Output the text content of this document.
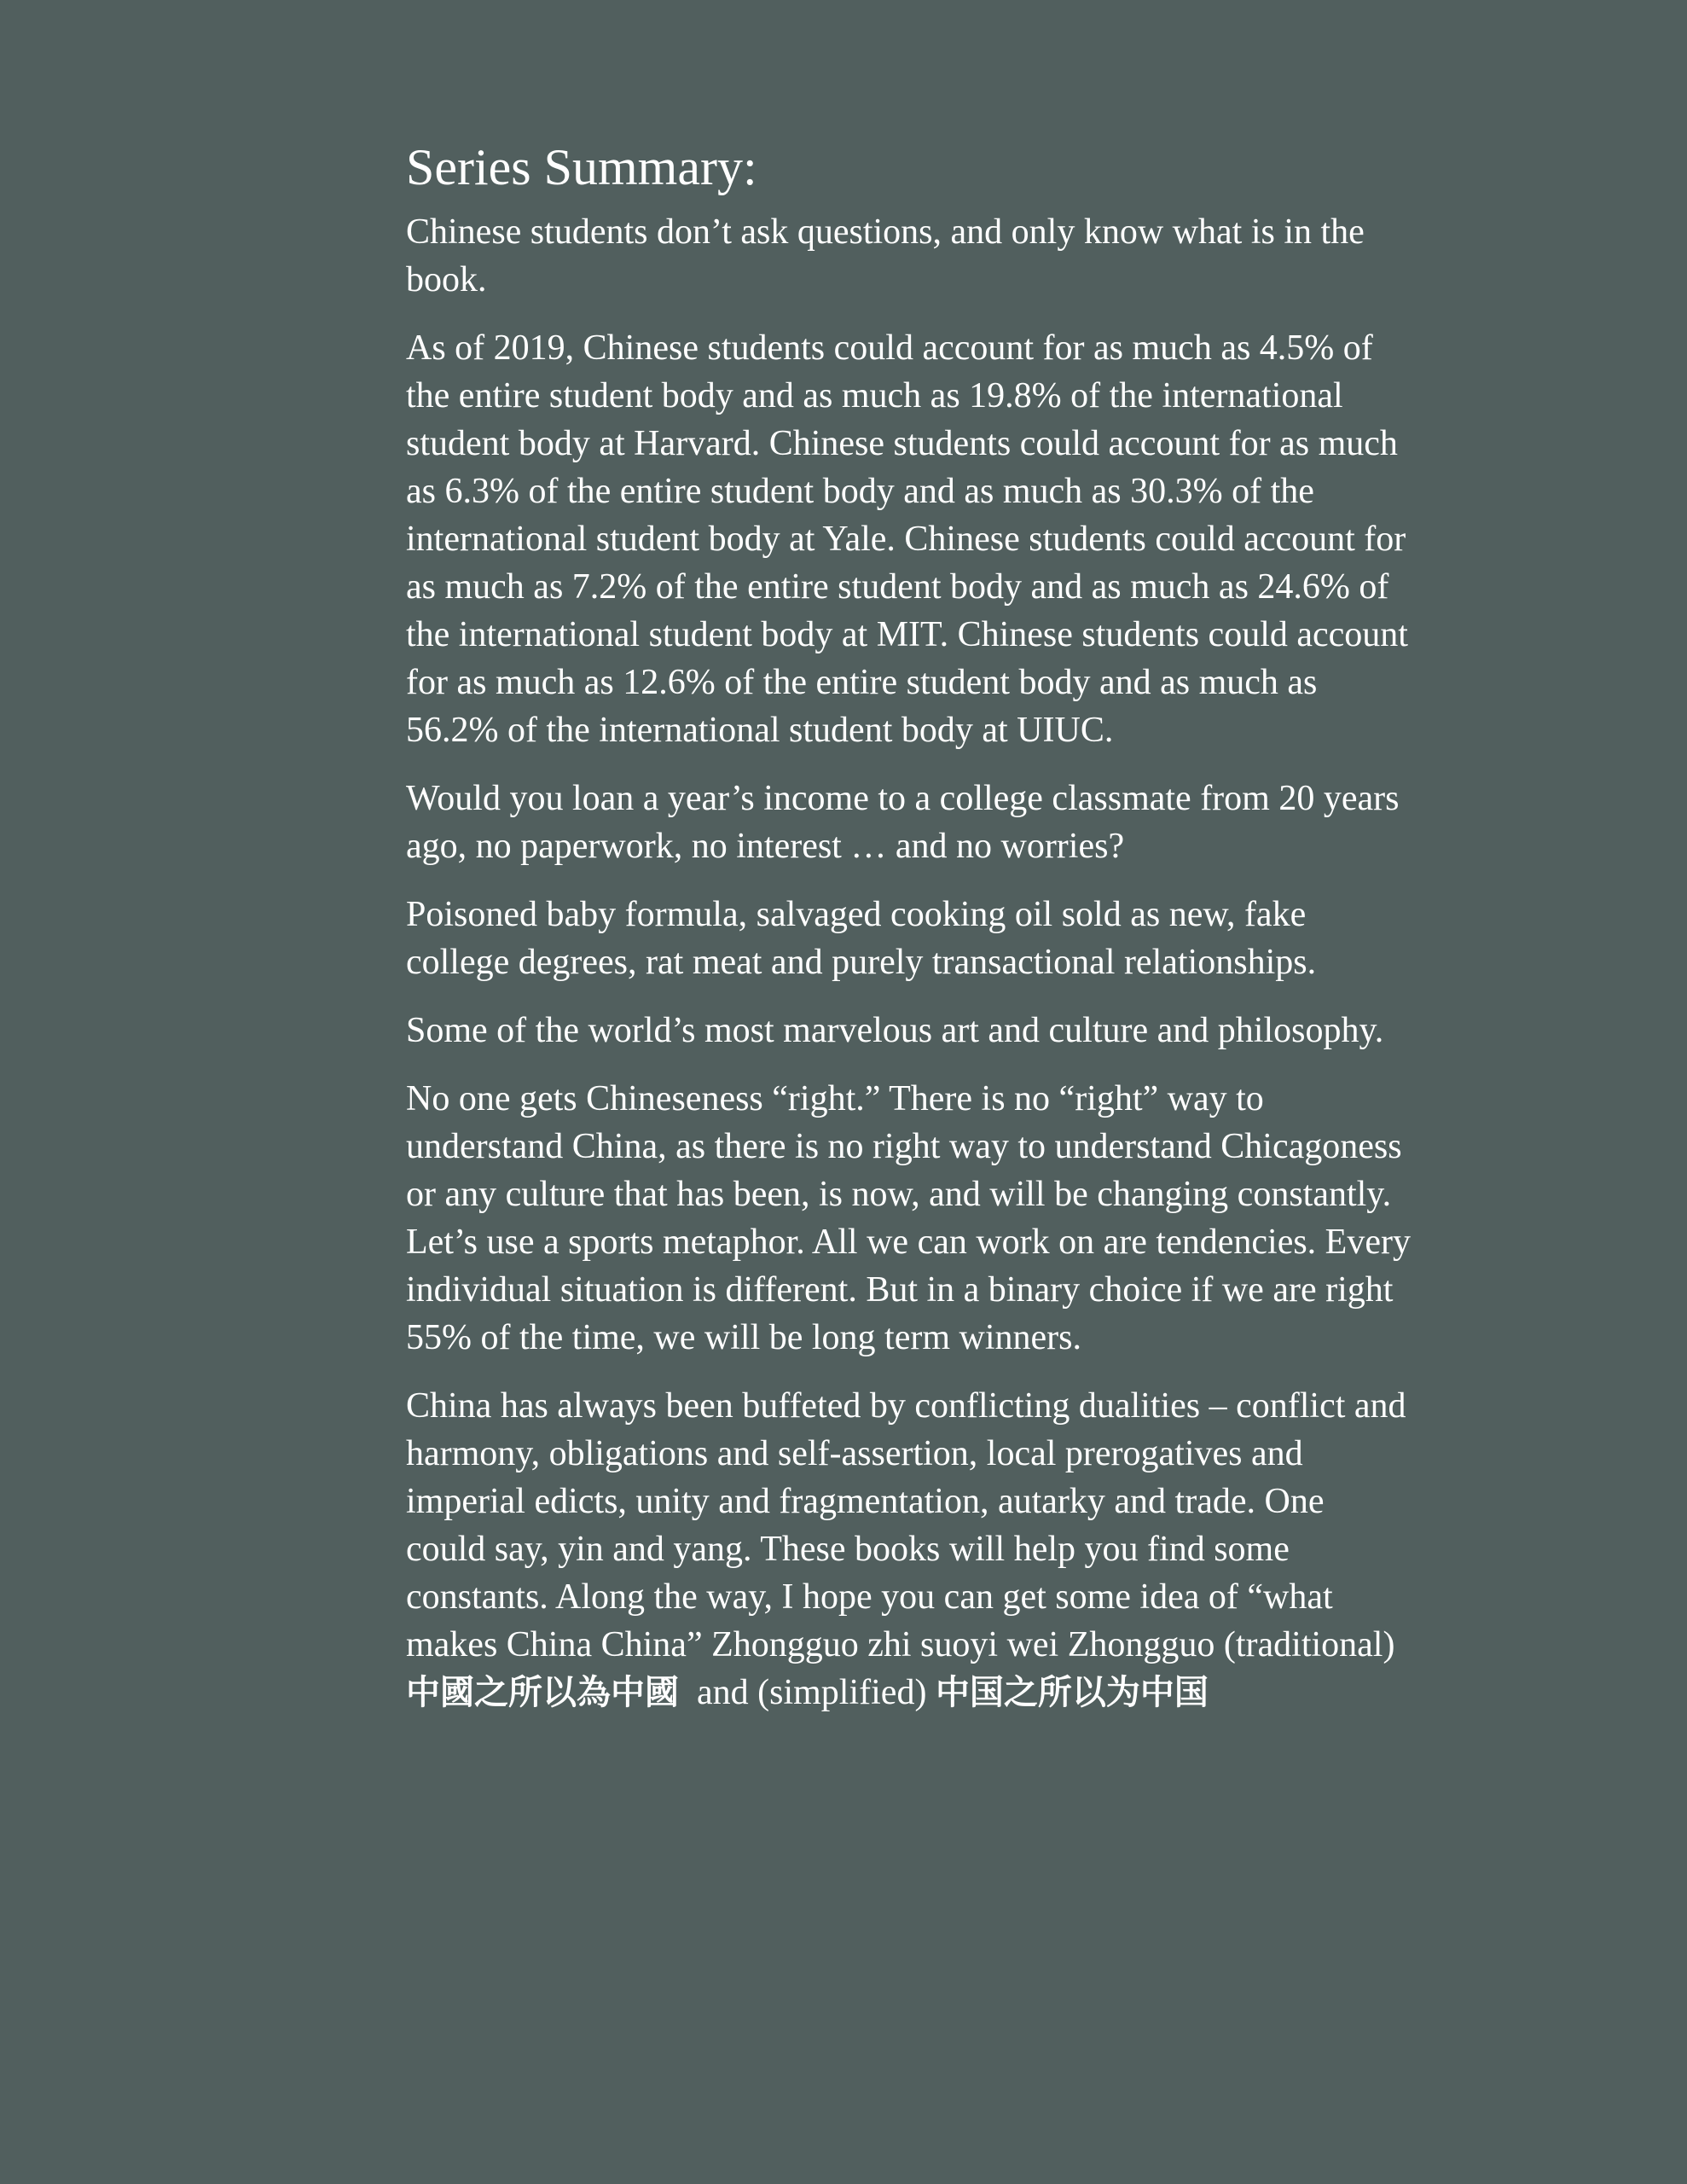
Series Summary:

Chinese students don’t ask questions, and only know what is in the book.

As of 2019, Chinese students could account for as much as 4.5% of the entire student body and as much as 19.8% of the international student body at Harvard. Chinese students could account for as much as 6.3% of the entire student body and as much as 30.3% of the international student body at Yale. Chinese students could account for as much as 7.2% of the entire student body and as much as 24.6% of the international student body at MIT. Chinese students could account for as much as 12.6% of the entire student body and as much as 56.2% of the international student body at UIUC.

Would you loan a year’s income to a college classmate from 20 years ago, no paperwork, no interest … and no worries?

Poisoned baby formula, salvaged cooking oil sold as new, fake college degrees, rat meat and purely transactional relationships.

Some of the world’s most marvelous art and culture and philosophy.

No one gets Chineseness “right.” There is no “right” way to understand China, as there is no right way to understand Chicagoness or any culture that has been, is now, and will be changing constantly. Let’s use a sports metaphor. All we can work on are tendencies. Every individual situation is different. But in a binary choice if we are right 55% of the time, we will be long term winners.

China has always been buffeted by conflicting dualities – conflict and harmony, obligations and self-assertion, local prerogatives and imperial edicts, unity and fragmentation, autarky and trade. One could say, yin and yang. These books will help you find some constants. Along the way, I hope you can get some idea of “what makes China China” Zhongguo zhi suoyi wei Zhongguo (traditional)  中國之所以為中國 and (simplified) 中国之所以为中国
